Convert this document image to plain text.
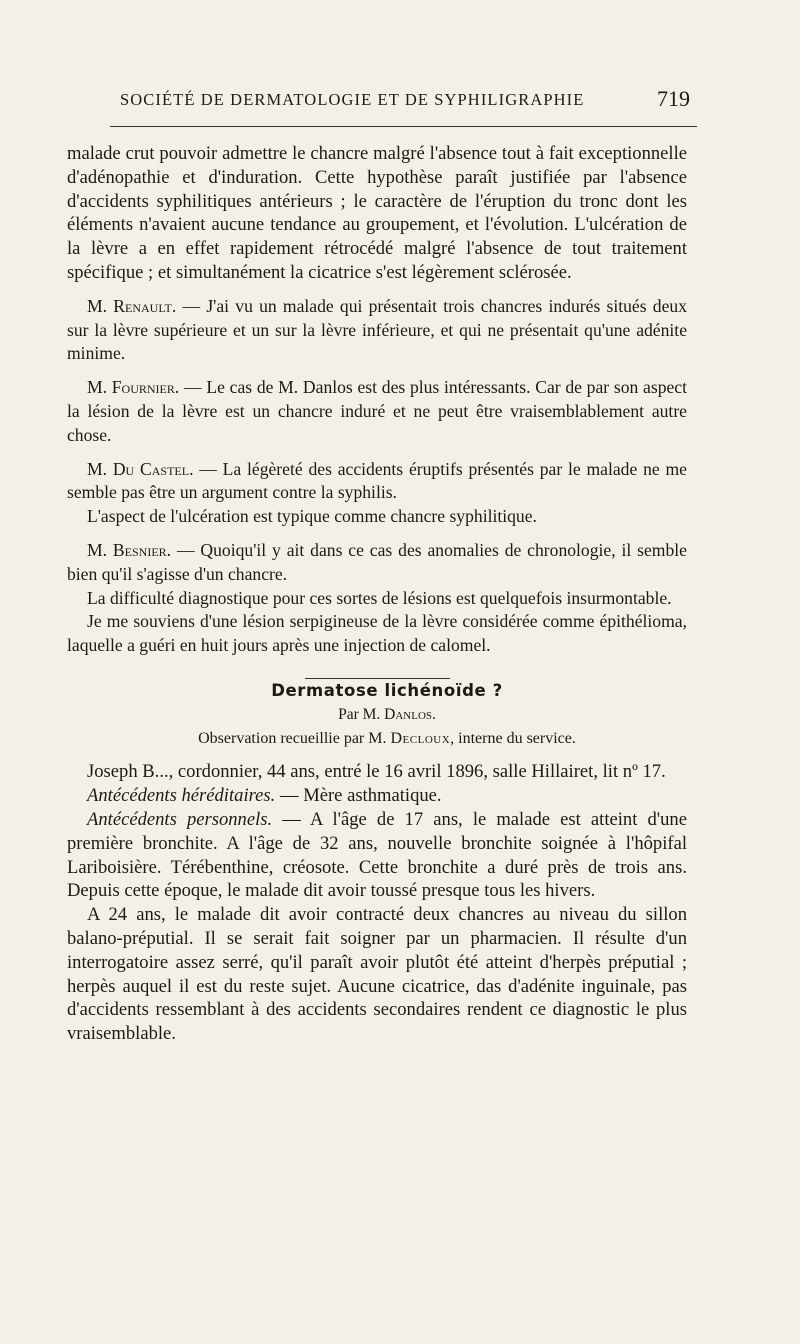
SOCIÉTÉ DE DERMATOLOGIE ET DE SYPHILIGRAPHIE	719

malade crut pouvoir admettre le chancre malgré l'absence tout à fait exceptionnelle d'adénopathie et d'induration. Cette hypothèse paraît justifiée par l'absence d'accidents syphilitiques antérieurs ; le caractère de l'éruption du tronc dont les éléments n'avaient aucune tendance au groupement, et l'évolution. L'ulcération de la lèvre a en effet rapidement rétrocédé malgré l'absence de tout traitement spécifique ; et simultanément la cicatrice s'est légèrement sclérosée.

M. Renault. — J'ai vu un malade qui présentait trois chancres indurés situés deux sur la lèvre supérieure et un sur la lèvre inférieure, et qui ne présentait qu'une adénite minime.

M. Fournier. — Le cas de M. Danlos est des plus intéressants. Car de par son aspect la lésion de la lèvre est un chancre induré et ne peut être vraisemblablement autre chose.

M. Du Castel. — La légèreté des accidents éruptifs présentés par le malade ne me semble pas être un argument contre la syphilis.

L'aspect de l'ulcération est typique comme chancre syphilitique.

M. Besnier. — Quoiqu'il y ait dans ce cas des anomalies de chronologie, il semble bien qu'il s'agisse d'un chancre.

La difficulté diagnostique pour ces sortes de lésions est quelquefois insurmontable.

Je me souviens d'une lésion serpigineuse de la lèvre considérée comme épithélioma, laquelle a guéri en huit jours après une injection de calomel.

Dermatose lichénoïde ?

Par M. Danlos.

Observation recueillie par M. Decloux, interne du service.

Joseph B..., cordonnier, 44 ans, entré le 16 avril 1896, salle Hillairet, lit nº 17.

Antécédents héréditaires. — Mère asthmatique.

Antécédents personnels. — A l'âge de 17 ans, le malade est atteint d'une première bronchite. A l'âge de 32 ans, nouvelle bronchite soignée à l'hôpifal Lariboisière. Térébenthine, créosote. Cette bronchite a duré près de trois ans. Depuis cette époque, le malade dit avoir toussé presque tous les hivers.

A 24 ans, le malade dit avoir contracté deux chancres au niveau du sillon balano-préputial. Il se serait fait soigner par un pharmacien. Il résulte d'un interrogatoire assez serré, qu'il paraît avoir plutôt été atteint d'herpès préputial ; herpès auquel il est du reste sujet. Aucune cicatrice, das d'adénite inguinale, pas d'accidents ressemblant à des accidents secondaires rendent ce diagnostic le plus vraisemblable.
